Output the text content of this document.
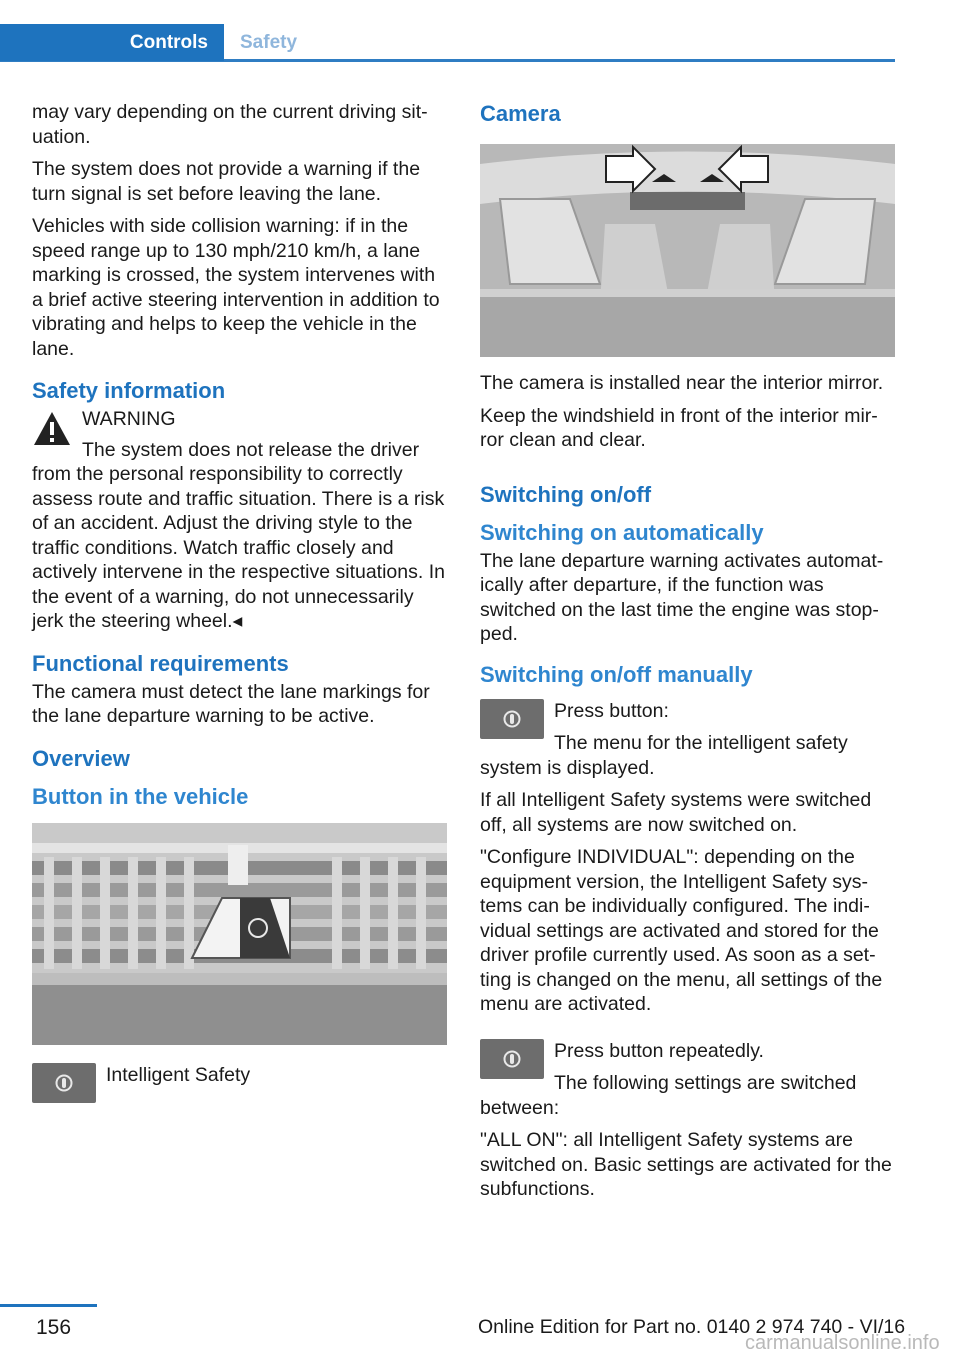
Controls	Safety

may vary depending on the current driving sit‐uation.

The system does not provide a warning if the turn signal is set before leaving the lane.

Vehicles with side collision warning: if in the speed range up to 130 mph/210 km/h, a lane marking is crossed, the system intervenes with a brief active steering intervention in addition to vibrating and helps to keep the vehicle in the lane.

Safety information

WARNING

The system does not release the driver from the personal responsibility to correctly assess route and traffic situation. There is a risk of an accident. Adjust the driving style to the traffic conditions. Watch traffic closely and actively intervene in the respective situations. In the event of a warning, do not unnecessarily jerk the steering wheel.◂

Functional requirements

The camera must detect the lane markings for the lane departure warning to be active.

Overview
Button in the vehicle

Intelligent Safety

Camera

The camera is installed near the interior mirror.

Keep the windshield in front of the interior mir‐ror clean and clear.

Switching on/off
Switching on automatically

The lane departure warning activates automat‐ically after departure, if the function was switched on the last time the engine was stop‐ped.

Switching on/off manually

Press button:

The menu for the intelligent safety system is displayed.

If all Intelligent Safety systems were switched off, all systems are now switched on.

"Configure INDIVIDUAL": depending on the equipment version, the Intelligent Safety sys‐tems can be individually configured. The indi‐vidual settings are activated and stored for the driver profile currently used. As soon as a set‐ting is changed on the menu, all settings of the menu are activated.

Press button repeatedly.

The following settings are switched between:

"ALL ON": all Intelligent Safety systems are switched on. Basic settings are activated for the subfunctions.

156	Online Edition for Part no. 0140 2 974 740 - VI/16
carmanualsonline.info
